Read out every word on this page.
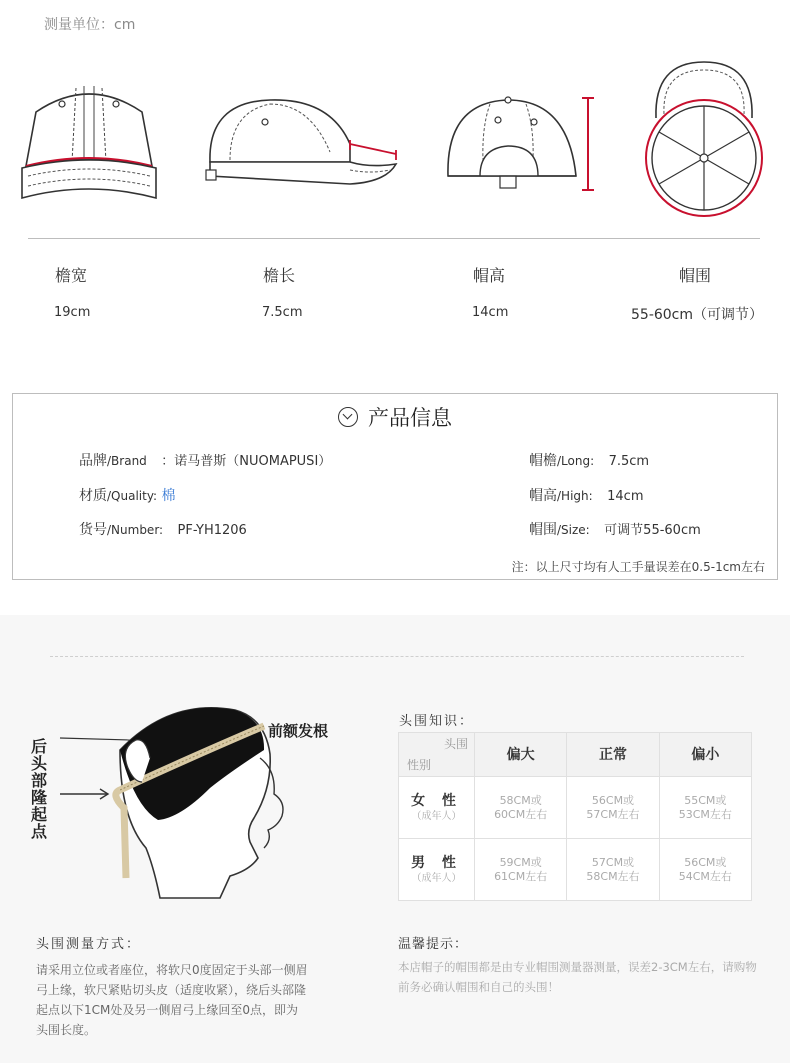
测量单位：cm
檐宽	檐长	帽高	帽围
19cm	7.5cm	14cm	55-60cm（可调节）
产品信息
品牌/Brand ：诺马普斯（NUOMAPUSI）
材质/Quality: 棉
货号/Number: PF-YH1206
帽檐/Long: 7.5cm
帽高/High: 14cm
帽围/Size: 可调节55-60cm
注：以上尺寸均有人工手量误差在0.5-1cm左右
后头部隆起点
前额发根
头围知识：
头围
性别	偏大	正常	偏小

女 性
（成年人）	58CM或60CM左右	56CM或57CM左右	55CM或53CM左右

男 性
（成年人）	59CM或61CM左右	57CM或58CM左右	56CM或54CM左右
头围测量方式：
请采用立位或者座位，将软尺0度固定于头部一侧眉弓上缘，软尺紧贴切头皮（适度收紧），绕后头部隆起点以下1CM处及另一侧眉弓上缘回至0点，即为头围长度。
温馨提示：
本店帽子的帽围都是由专业帽围测量器测量，误差2-3CM左右，请购物前务必确认帽围和自己的头围！
